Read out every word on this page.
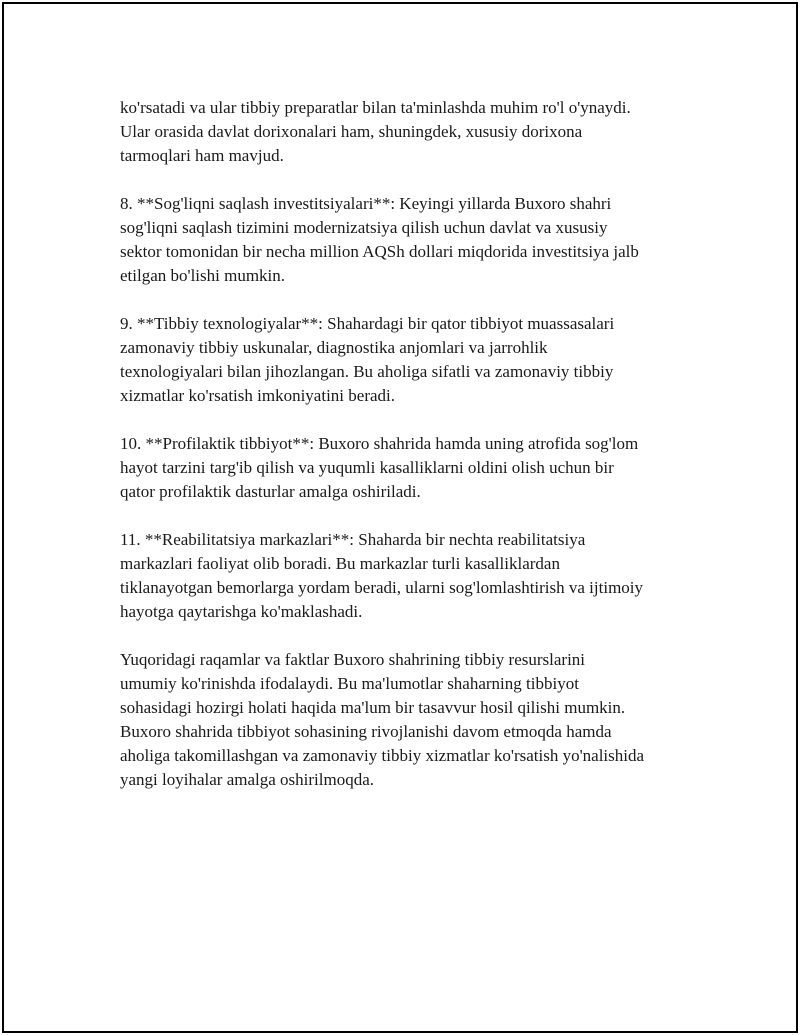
ko'rsatadi va ular tibbiy preparatlar bilan ta'minlashda muhim ro'l o'ynaydi.
Ular orasida davlat dorixonalari ham, shuningdek, xususiy dorixona
tarmoqlari ham mavjud.

8. **Sog'liqni saqlash investitsiyalari**: Keyingi yillarda Buxoro shahri
sog'liqni saqlash tizimini modernizatsiya qilish uchun davlat va xususiy
sektor tomonidan bir necha million AQSh dollari miqdorida investitsiya jalb
etilgan bo'lishi mumkin.

9. **Tibbiy texnologiyalar**: Shahardagi bir qator tibbiyot muassasalari
zamonaviy tibbiy uskunalar, diagnostika anjomlari va jarrohlik
texnologiyalari bilan jihozlangan. Bu aholiga sifatli va zamonaviy tibbiy
xizmatlar ko'rsatish imkoniyatini beradi.

10. **Profilaktik tibbiyot**: Buxoro shahrida hamda uning atrofida sog'lom
hayot tarzini targ'ib qilish va yuqumli kasalliklarni oldini olish uchun bir
qator profilaktik dasturlar amalga oshiriladi.

11. **Reabilitatsiya markazlari**: Shaharda bir nechta reabilitatsiya
markazlari faoliyat olib boradi. Bu markazlar turli kasalliklardan
tiklanayotgan bemorlarga yordam beradi, ularni sog'lomlashtirish va ijtimoiy
hayotga qaytarishga ko'maklashadi.

Yuqoridagi raqamlar va faktlar Buxoro shahrining tibbiy resurslarini
umumiy ko'rinishda ifodalaydi. Bu ma'lumotlar shaharning tibbiyot
sohasidagi hozirgi holati haqida ma'lum bir tasavvur hosil qilishi mumkin.
Buxoro shahrida tibbiyot sohasining rivojlanishi davom etmoqda hamda
aholiga takomillashgan va zamonaviy tibbiy xizmatlar ko'rsatish yo'nalishida
yangi loyihalar amalga oshirilmoqda.
